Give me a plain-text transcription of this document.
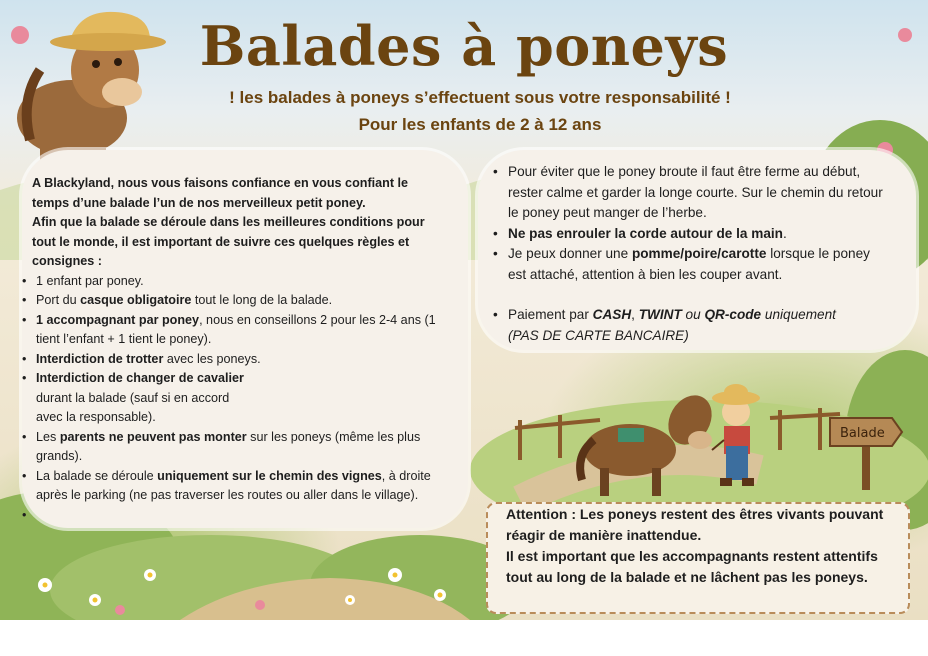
Balades à poneys
! les balades à poneys s’effectuent sous votre responsabilité !
Pour les enfants de 2 à 12 ans
Balade
A Blackyland, nous vous faisons confiance en vous confiant le temps d’une balade l’un de nos merveilleux petit poney.
Afin que la balade se déroule dans les meilleures conditions pour tout le monde, il est important de suivre ces quelques règles et consignes :
• 1 enfant par poney.
• Port du casque obligatoire tout le long de la balade.
• 1 accompagnant par poney, nous en conseillons 2 pour les 2-4 ans (1 tient l’enfant + 1 tient le poney).
• Interdiction de trotter avec les poneys.
• Interdiction de changer de cavalier
durant la balade (sauf si en accord
avec la responsable).
• Les parents ne peuvent pas monter sur les poneys (même les plus grands).
• La balade se déroule uniquement sur le chemin des vignes, à droite après le parking (ne pas traverser les routes ou aller dans le village).
•
• Pour éviter que le poney broute il faut être ferme au début, rester calme et garder la longe courte. Sur le chemin du retour le poney peut manger de l’herbe.
• Ne pas enrouler la corde autour de la main.
• Je peux donner une pomme/poire/carotte lorsque le poney est attaché, attention à bien les couper avant.
• Paiement par CASH, TWINT ou QR-code uniquement
(PAS DE CARTE BANCAIRE)
Attention : Les poneys restent des êtres vivants pouvant réagir de manière inattendue.
Il est important que les accompagnants restent attentifs tout au long de la balade et ne lâchent pas les poneys.
